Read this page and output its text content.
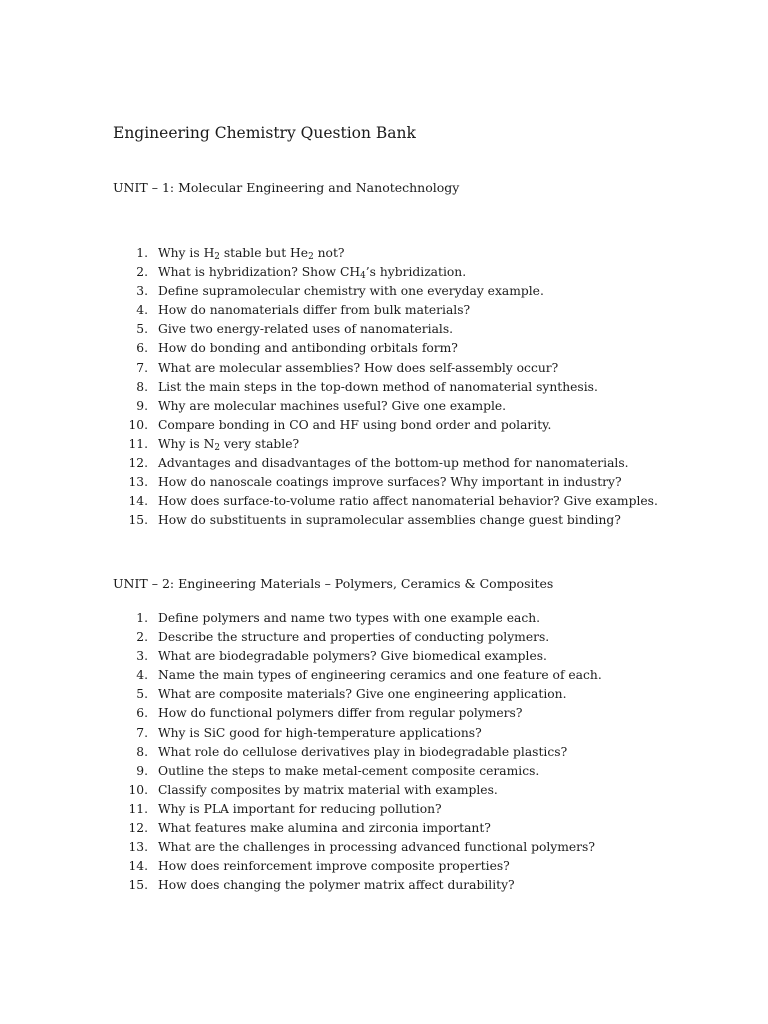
Engineering Chemistry Question Bank
UNIT – 1: Molecular Engineering and Nanotechnology
1. Why is $H_2$ stable but $He_2$ not?
2. What is hybridization? Show $CH_4’s$ hybridization.
3. Define supramolecular chemistry with one everyday example.
4. How do nanomaterials differ from bulk materials?
5. Give two energy-related uses of nanomaterials.
6. How do bonding and antibonding orbitals form?
7. What are molecular assemblies? How does self-assembly occur?
8. List the main steps in the top-down method of nanomaterial synthesis.
9. Why are molecular machines useful? Give one example.
10. Compare bonding in CO and HF using bond order and polarity.
11. Why is $N_2$ very stable?
12. Advantages and disadvantages of the bottom-up method for nanomaterials.
13. How do nanoscale coatings improve surfaces? Why important in industry?
14. How does surface-to-volume ratio affect nanomaterial behavior? Give examples.
15. How do substituents in supramolecular assemblies change guest binding?
UNIT – 2: Engineering Materials – Polymers, Ceramics & Composites
1. Define polymers and name two types with one example each.
2. Describe the structure and properties of conducting polymers.
3. What are biodegradable polymers? Give biomedical examples.
4. Name the main types of engineering ceramics and one feature of each.
5. What are composite materials? Give one engineering application.
6. How do functional polymers differ from regular polymers?
7. Why is SiC good for high-temperature applications?
8. What role do cellulose derivatives play in biodegradable plastics?
9. Outline the steps to make metal-cement composite ceramics.
10. Classify composites by matrix material with examples.
11. Why is PLA important for reducing pollution?
12. What features make alumina and zirconia important?
13. What are the challenges in processing advanced functional polymers?
14. How does reinforcement improve composite properties?
15. How does changing the polymer matrix affect durability?
